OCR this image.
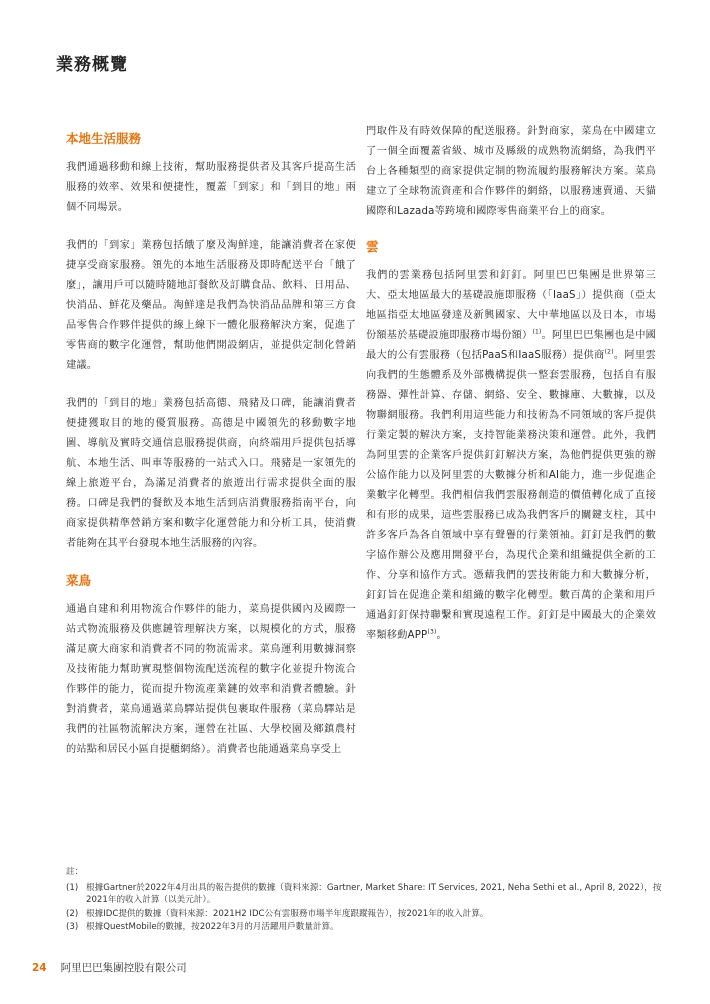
業務概覽
本地生活服務

我們通過移動和線上技術，幫助服務提供者及其客戶提高生活服務的效率、效果和便捷性，覆蓋「到家」和「到目的地」兩個不同場景。

我們的「到家」業務包括餓了麼及淘鮮達，能讓消費者在家便捷享受商家服務。領先的本地生活服務及即時配送平台「餓了麼」，讓用戶可以隨時隨地訂餐飲及訂購食品、飲料、日用品、快消品、鮮花及藥品。淘鮮達是我們為快消品品牌和第三方食品零售合作夥伴提供的線上線下一體化服務解決方案，促進了零售商的數字化運營，幫助他們開設網店，並提供定制化營銷建議。

我們的「到目的地」業務包括高德、飛豬及口碑，能讓消費者便捷獲取目的地的優質服務。高德是中國領先的移動數字地圖、導航及實時交通信息服務提供商，向終端用戶提供包括導航、本地生活、叫車等服務的一站式入口。飛豬是一家領先的線上旅遊平台，為滿足消費者的旅遊出行需求提供全面的服務。口碑是我們的餐飲及本地生活到店消費服務指南平台，向商家提供精準營銷方案和數字化運營能力和分析工具，使消費者能夠在其平台發現本地生活服務的內容。

菜鳥

通過自建和利用物流合作夥伴的能力，菜鳥提供國內及國際一站式物流服務及供應鏈管理解決方案，以規模化的方式，服務滿足廣大商家和消費者不同的物流需求。菜鳥運利用數據洞察及技術能力幫助實現整個物流配送流程的數字化並提升物流合作夥伴的能力，從而提升物流產業鏈的效率和消費者體驗。針對消費者，菜鳥通過菜鳥驛站提供包裹取件服務（菜鳥驛站是我們的社區物流解決方案，運營在社區、大學校園及鄉鎮農村的站點和居民小區自提櫃網絡）。消費者也能通過菜鳥享受上

門取件及有時效保障的配送服務。針對商家，菜鳥在中國建立了一個全面覆蓋省級、城市及縣級的成熟物流網絡，為我們平台上各種類型的商家提供定制的物流履約服務解決方案。菜鳥建立了全球物流資產和合作夥伴的網絡，以服務速賣通、天貓國際和Lazada等跨境和國際零售商業平台上的商家。

雲

我們的雲業務包括阿里雲和釘釘。阿里巴巴集團是世界第三大、亞太地區最大的基礎設施即服務（「IaaS」）提供商（亞太地區指亞太地區發達及新興國家、大中華地區以及日本，市場份額基於基礎設施即服務市場份額）$^{(1)}$。阿里巴巴集團也是中國最大的公有雲服務（包括PaaS和IaaS服務）提供商$^{(2)}$。阿里雲向我們的生態體系及外部機構提供一整套雲服務，包括自有服務器、彈性計算、存儲、網絡、安全、數據庫、大數據，以及物聯網服務。我們利用這些能力和技術為不同領域的客戶提供行業定製的解決方案，支持智能業務決策和運營。此外，我們為阿里雲的企業客戶提供釘釘解決方案，為他們提供更強的辦公協作能力以及阿里雲的大數據分析和AI能力，進一步促進企業數字化轉型。我們相信我們雲服務創造的價值轉化成了直接和有形的成果，這些雲服務已成為我們客戶的關鍵支柱，其中許多客戶為各自領域中享有聲譽的行業領袖。釘釘是我們的數字協作辦公及應用開發平台，為現代企業和組織提供全新的工作、分享和協作方式。憑藉我們的雲技術能力和大數據分析，釘釘旨在促進企業和組織的數字化轉型。數百萬的企業和用戶通過釘釘保持聯繫和實現遠程工作。釘釘是中國最大的企業效率類移動APP$^{(3)}$。

註：
(1) 根據Gartner於2022年4月出具的報告提供的數據（資料來源：Gartner, Market Share: IT Services, 2021, Neha Sethi et al., April 8, 2022），按2021年的收入計算（以美元計）。
(2) 根據IDC提供的數據（資料來源：2021H2 IDC公有雲服務市場半年度跟蹤報告），按2021年的收入計算。
(3) 根據QuestMobile的數據，按2022年3月的月活躍用戶數量計算。
24 阿里巴巴集團控股有限公司
